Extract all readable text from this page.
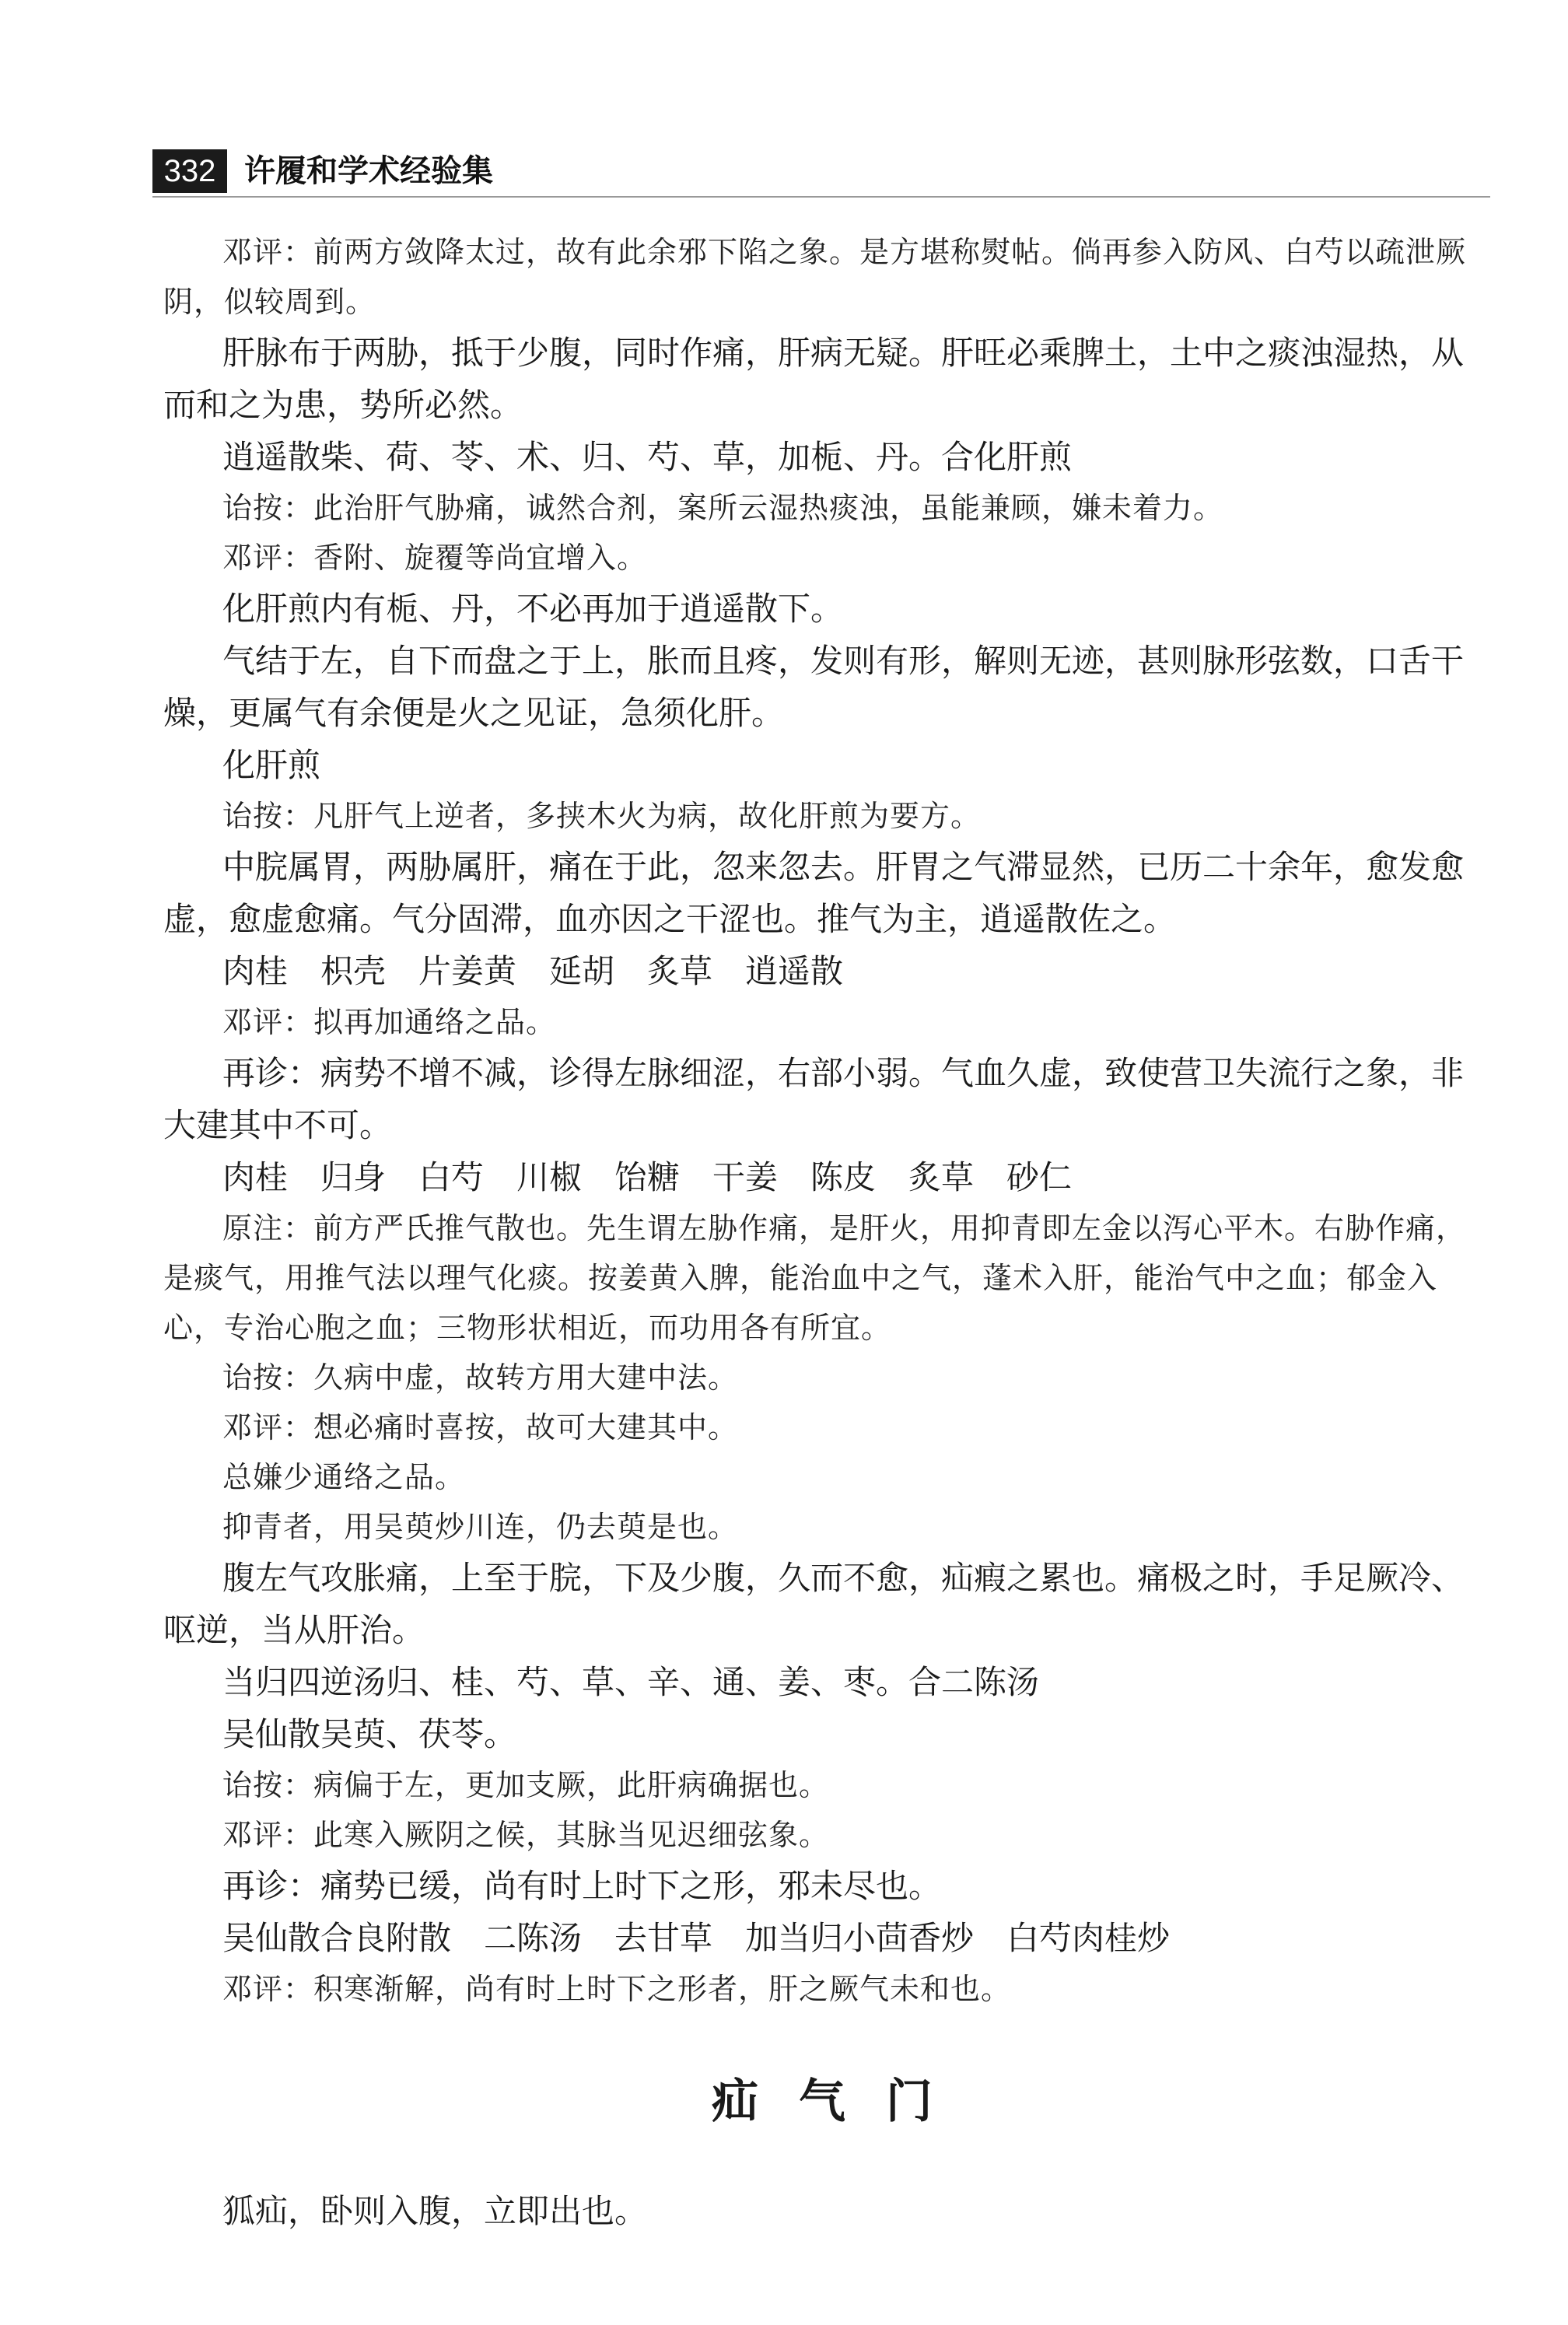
332 许履和学术经验集

邓评：前两方敛降太过，故有此余邪下陷之象。是方堪称熨帖。倘再参入防风、白芍以疏泄厥阴，似较周到。

肝脉布于两胁，抵于少腹，同时作痛，肝病无疑。肝旺必乘脾土，土中之痰浊湿热，从而和之为患，势所必然。

逍遥散柴、荷、苓、术、归、芍、草，加栀、丹。合化肝煎

诒按：此治肝气胁痛，诚然合剂，案所云湿热痰浊，虽能兼顾，嫌未着力。

邓评：香附、旋覆等尚宜增入。

化肝煎内有栀、丹，不必再加于逍遥散下。

气结于左，自下而盘之于上，胀而且疼，发则有形，解则无迹，甚则脉形弦数，口舌干燥，更属气有余便是火之见证，急须化肝。

化肝煎

诒按：凡肝气上逆者，多挟木火为病，故化肝煎为要方。

中脘属胃，两胁属肝，痛在于此，忽来忽去。肝胃之气滞显然，已历二十余年，愈发愈虚，愈虚愈痛。气分固滞，血亦因之干涩也。推气为主，逍遥散佐之。

肉桂　枳壳　片姜黄　延胡　炙草　逍遥散

邓评：拟再加通络之品。

再诊：病势不增不减，诊得左脉细涩，右部小弱。气血久虚，致使营卫失流行之象，非大建其中不可。

肉桂　归身　白芍　川椒　饴糖　干姜　陈皮　炙草　砂仁

原注：前方严氏推气散也。先生谓左胁作痛，是肝火，用抑青即左金以泻心平木。右胁作痛，是痰气，用推气法以理气化痰。按姜黄入脾，能治血中之气，蓬术入肝，能治气中之血；郁金入心，专治心胞之血；三物形状相近，而功用各有所宜。

诒按：久病中虚，故转方用大建中法。

邓评：想必痛时喜按，故可大建其中。

总嫌少通络之品。

抑青者，用吴萸炒川连，仍去萸是也。

腹左气攻胀痛，上至于脘，下及少腹，久而不愈，疝瘕之累也。痛极之时，手足厥冷、呕逆，当从肝治。

当归四逆汤归、桂、芍、草、辛、通、姜、枣。合二陈汤

吴仙散吴萸、茯苓。

诒按：病偏于左，更加支厥，此肝病确据也。

邓评：此寒入厥阴之候，其脉当见迟细弦象。

再诊：痛势已缓，尚有时上时下之形，邪未尽也。

吴仙散合良附散　二陈汤　去甘草　加当归小茴香炒　白芍肉桂炒

邓评：积寒渐解，尚有时上时下之形者，肝之厥气未和也。

疝气门

狐疝，卧则入腹，立即出也。
